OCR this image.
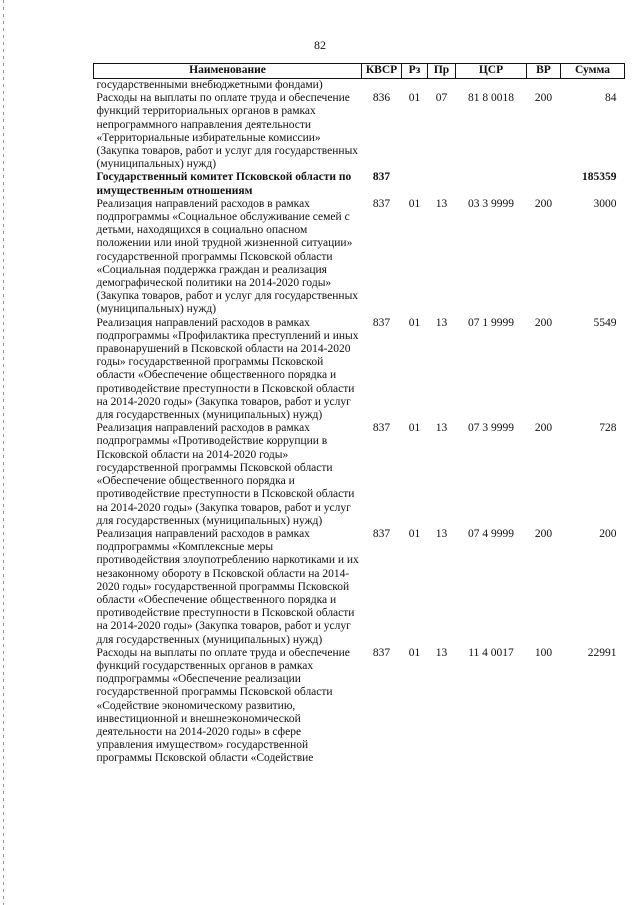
82
Наименование	КВСР	Рз	Пр	ЦСР	ВР	Сумма
государственными внебюджетными фондами)						
Расходы на выплаты по оплате труда и обеспечение функций территориальных органов в рамках непрограммного направления деятельности «Территориальные избирательные комиссии» (Закупка товаров, работ и услуг для государственных (муниципальных) нужд)	836	01	07	81 8 0018	200	84
Государственный комитет Псковской области по имущественным отношениям	837					185359
Реализация направлений расходов в рамках подпрограммы «Социальное обслуживание семей с детьми, находящихся в социально опасном положении или иной трудной жизненной ситуации» государственной программы Псковской области «Социальная поддержка граждан и реализация демографической политики на 2014-2020 годы» (Закупка товаров, работ и услуг для государственных (муниципальных) нужд)	837	01	13	03 3 9999	200	3000
Реализация направлений расходов в рамках подпрограммы «Профилактика преступлений и иных правонарушений в Псковской области на 2014-2020 годы» государственной программы Псковской области «Обеспечение общественного порядка и противодействие преступности в Псковской области на 2014-2020 годы» (Закупка товаров, работ и услуг для государственных (муниципальных) нужд)	837	01	13	07 1 9999	200	5549
Реализация направлений расходов в рамках подпрограммы «Противодействие коррупции в Псковской области на 2014-2020 годы» государственной программы Псковской области «Обеспечение общественного порядка и противодействие преступности в Псковской области на 2014-2020 годы» (Закупка товаров, работ и услуг для государственных (муниципальных) нужд)	837	01	13	07 3 9999	200	728
Реализация направлений расходов в рамках подпрограммы «Комплексные меры противодействия злоупотреблению наркотиками и их незаконному обороту в Псковской области на 2014-2020 годы» государственной программы Псковской области «Обеспечение общественного порядка и противодействие преступности в Псковской области на 2014-2020 годы» (Закупка товаров, работ и услуг для государственных (муниципальных) нужд)	837	01	13	07 4 9999	200	200
Расходы на выплаты по оплате труда и обеспечение функций государственных органов в рамках подпрограммы «Обеспечение реализации государственной программы Псковской области «Содействие экономическому развитию, инвестиционной и внешнеэкономической деятельности на 2014-2020 годы» в сфере управления имуществом» государственной программы Псковской области «Содействие	837	01	13	11 4 0017	100	22991
